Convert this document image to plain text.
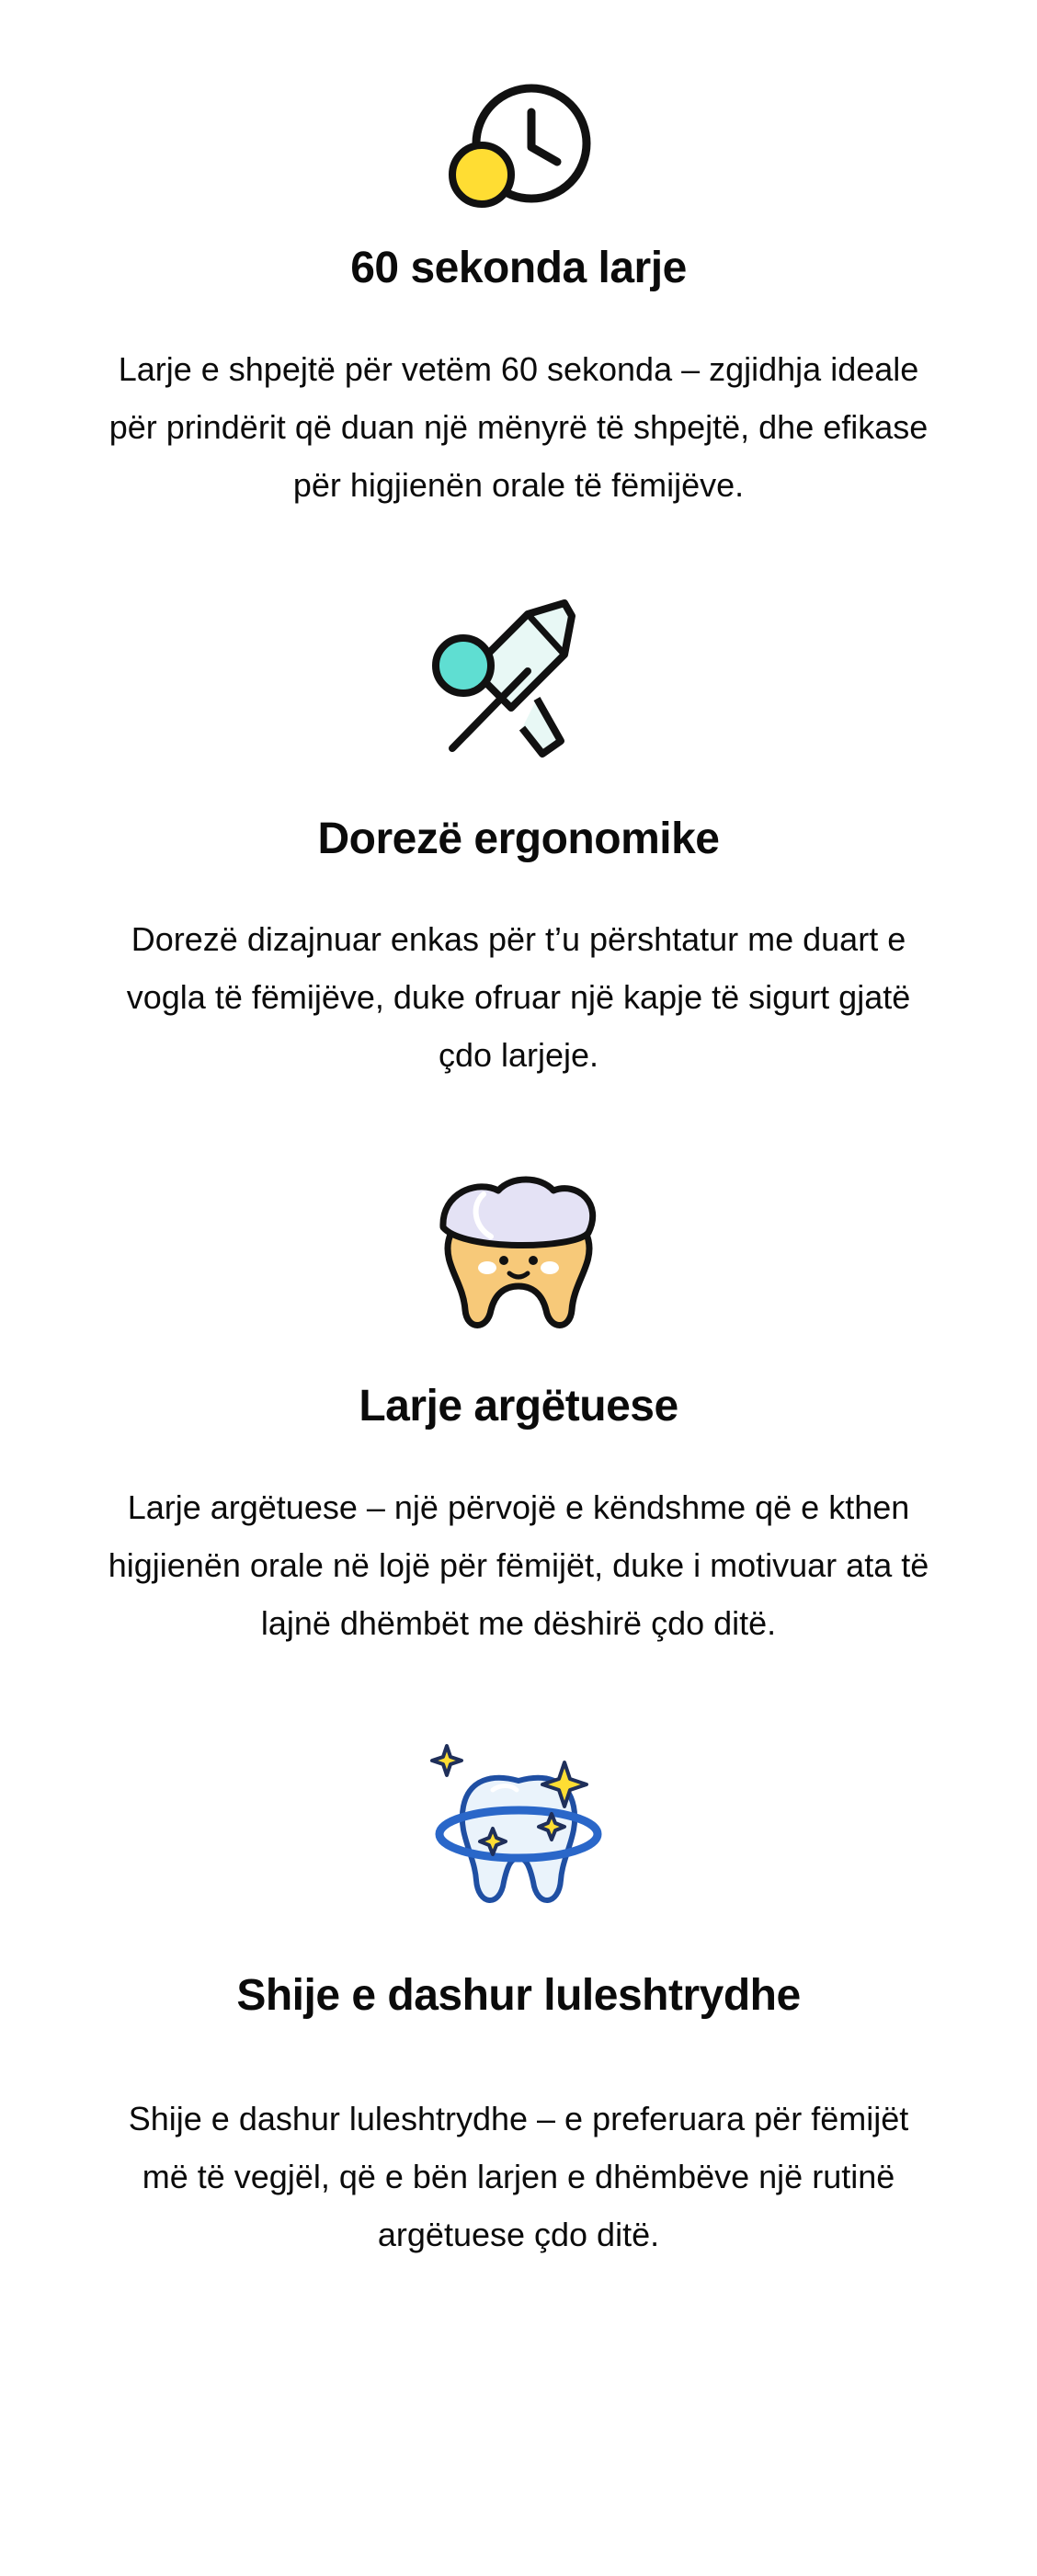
60 sekonda larje

Larje e shpejtë për vetëm 60 sekonda – zgjidhja ideale për prindërit që duan një mënyrë të shpejtë, dhe efikase për higjienën orale të fëmijëve.

Dorezë ergonomike

Dorezë dizajnuar enkas për t’u përshtatur me duart e vogla të fëmijëve, duke ofruar një kapje të sigurt gjatë çdo larjeje.

Larje argëtuese

Larje argëtuese – një përvojë e këndshme që e kthen higjienën orale në lojë për fëmijët, duke i motivuar ata të lajnë dhëmbët me dëshirë çdo ditë.

Shije e dashur luleshtrydhe

Shije e dashur luleshtrydhe – e preferuara për fëmijët më të vegjël, që e bën larjen e dhëmbëve një rutinë argëtuese çdo ditë.
